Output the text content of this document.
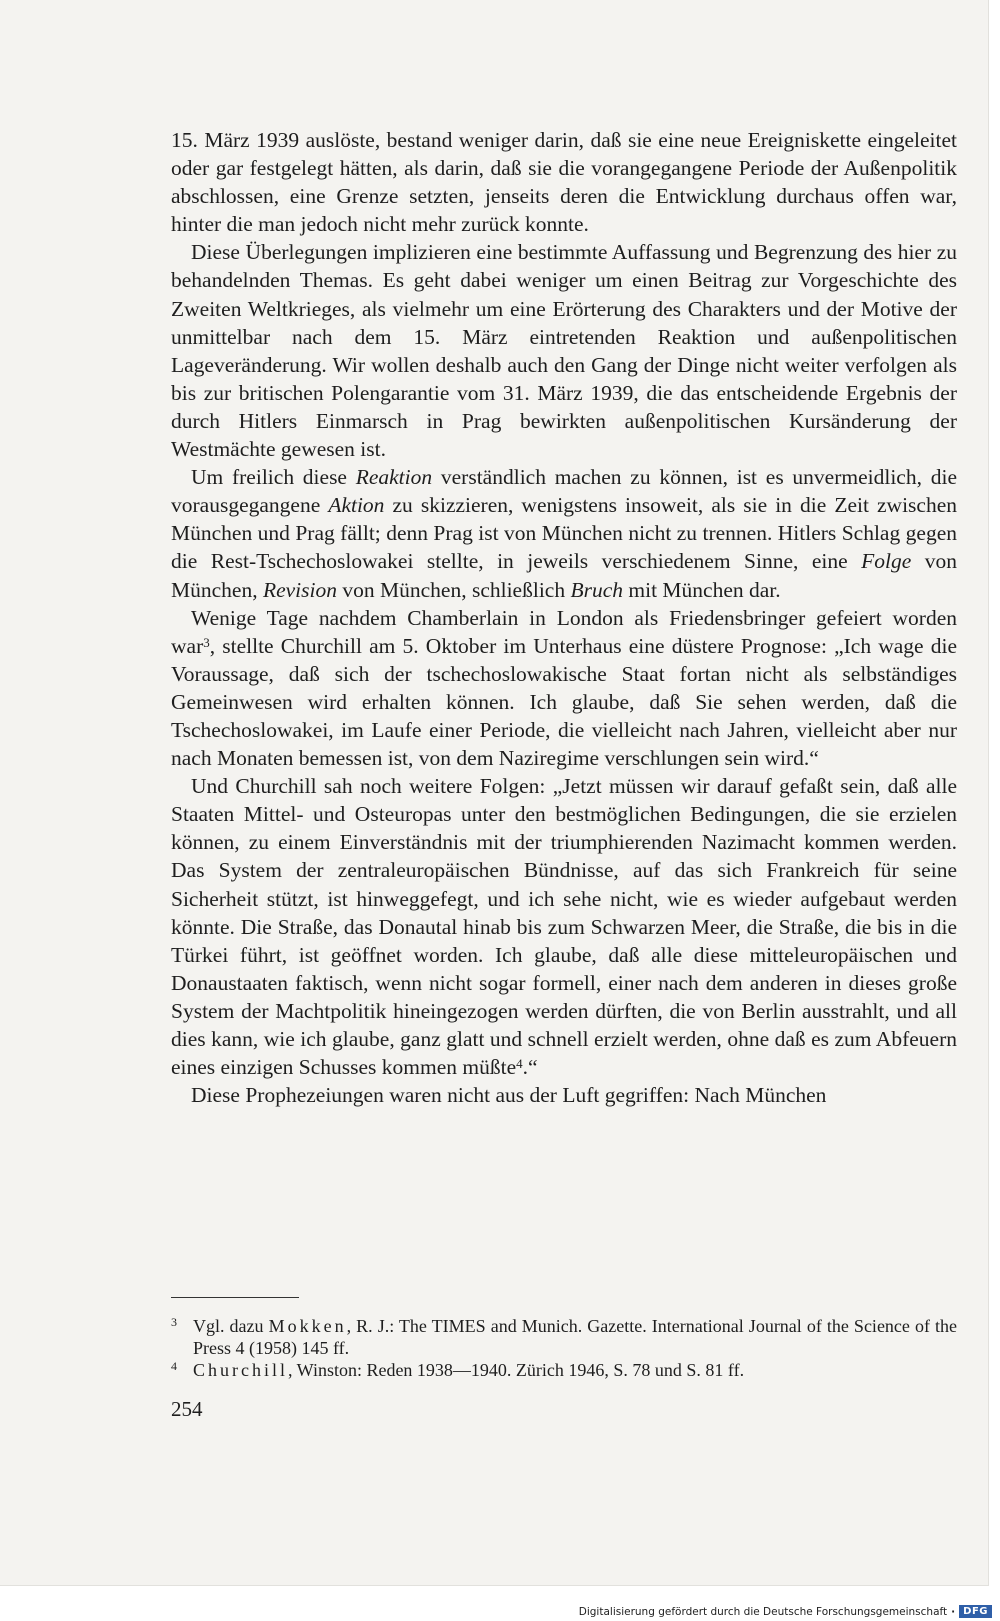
15. März 1939 auslöste, bestand weniger darin, daß sie eine neue Ereigniskette eingeleitet oder gar festgelegt hätten, als darin, daß sie die vorangegangene Periode der Außenpolitik abschlossen, eine Grenze setzten, jenseits deren die Entwicklung durchaus offen war, hinter die man jedoch nicht mehr zurück konnte.

Diese Überlegungen implizieren eine bestimmte Auffassung und Begrenzung des hier zu behandelnden Themas. Es geht dabei weniger um einen Beitrag zur Vorgeschichte des Zweiten Weltkrieges, als vielmehr um eine Erörterung des Charakters und der Motive der unmittelbar nach dem 15. März eintretenden Reaktion und außenpolitischen Lageveränderung. Wir wollen deshalb auch den Gang der Dinge nicht weiter verfolgen als bis zur britischen Polengarantie vom 31. März 1939, die das entscheidende Ergebnis der durch Hitlers Einmarsch in Prag bewirkten außenpolitischen Kursänderung der Westmächte gewesen ist.

Um freilich diese Reaktion verständlich machen zu können, ist es unvermeidlich, die vorausgegangene Aktion zu skizzieren, wenigstens insoweit, als sie in die Zeit zwischen München und Prag fällt; denn Prag ist von München nicht zu trennen. Hitlers Schlag gegen die Rest-Tschechoslowakei stellte, in jeweils verschiedenem Sinne, eine Folge von München, Revision von München, schließlich Bruch mit München dar.

Wenige Tage nachdem Chamberlain in London als Friedensbringer gefeiert worden war$^3$, stellte Churchill am 5. Oktober im Unterhaus eine düstere Prognose: „Ich wage die Voraussage, daß sich der tschechoslowakische Staat fortan nicht als selbständiges Gemeinwesen wird erhalten können. Ich glaube, daß Sie sehen werden, daß die Tschechoslowakei, im Laufe einer Periode, die vielleicht nach Jahren, vielleicht aber nur nach Monaten bemessen ist, von dem Naziregime verschlungen sein wird.“

Und Churchill sah noch weitere Folgen: „Jetzt müssen wir darauf gefaßt sein, daß alle Staaten Mittel- und Osteuropas unter den bestmöglichen Bedingungen, die sie erzielen können, zu einem Einverständnis mit der triumphierenden Nazimacht kommen werden. Das System der zentraleuropäischen Bündnisse, auf das sich Frankreich für seine Sicherheit stützt, ist hinweggefegt, und ich sehe nicht, wie es wieder aufgebaut werden könnte. Die Straße, das Donautal hinab bis zum Schwarzen Meer, die Straße, die bis in die Türkei führt, ist geöffnet worden. Ich glaube, daß alle diese mitteleuropäischen und Donaustaaten faktisch, wenn nicht sogar formell, einer nach dem anderen in dieses große System der Machtpolitik hineingezogen werden dürften, die von Berlin ausstrahlt, und all dies kann, wie ich glaube, ganz glatt und schnell erzielt werden, ohne daß es zum Abfeuern eines einzigen Schusses kommen müßte$^4$.“

Diese Prophezeiungen waren nicht aus der Luft gegriffen: Nach München

3 Vgl. dazu Mokken, R. J.: The TIMES and Munich. Gazette. International Journal of the Science of the Press 4 (1958) 145 ff.

4 Churchill, Winston: Reden 1938—1940. Zürich 1946, S. 78 und S. 81 ff.

254
Digitalisierung gefördert durch die Deutsche Forschungsgemeinschaft · DFG
